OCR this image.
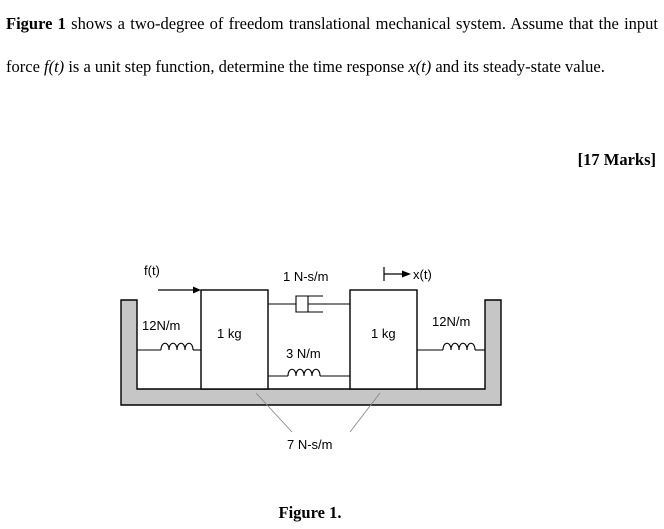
Figure 1 shows a two-degree of freedom translational mechanical system. Assume that the input force f(t) is a unit step function, determine the time response x(t) and its steady-state value.
[17 Marks]
f(t)	1 N-s/m	x(t)
12N/m
1 kg	1 kg
12N/m
3 N/m
7 N-s/m
Figure 1.
